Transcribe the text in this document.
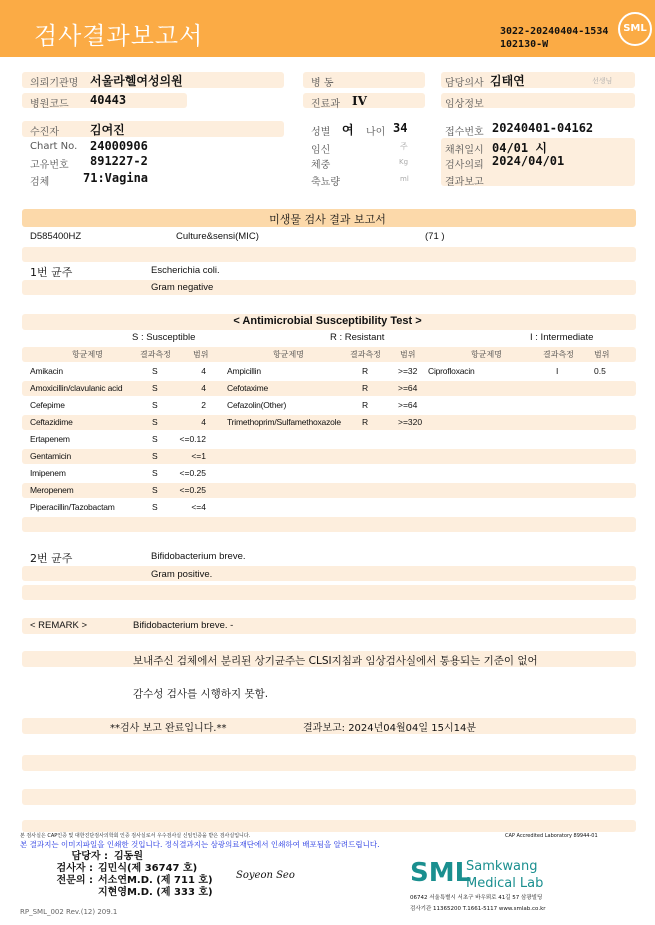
검사결과보고서	SML
3022-20240404-1534
102130-W
의뢰기관명 서울라헬여성의원
병원코드 40443
병 동
진료과 IV
담당의사 김태연	선생님
임상정보
수진자	김여진
Chart No. 24000906
고유번호 891227-2
검체	71:Vagina
성별 여 나이 34
임신	주
체중	Kg
축뇨량	ml
접수번호 20240401-04162
채취일시 04/01 시
검사의뢰 2024/04/01
결과보고
미생물 검사 결과 보고서
D585400HZ	Culture&sensi(MIC)	(71 )
1번 균주	Escherichia coli.
Gram negative
< Antimicrobial Susceptibility Test >
S : Susceptible	R : Resistant	I : Intermediate
항균제명	결과측정	범위	항균제명	결과측정 범위	항균제명	결과측정	범위
Amikacin	S	4 Ampicillin	R	>=32 Ciprofloxacin	I	0.5
Amoxicillin/clavulanic acid	S	4 Cefotaxime	R	>=64
Cefepime	S	2 Cefazolin(Other)	R	>=64
Ceftazidime	S	4 Trimethoprim/Sulfamethoxazole R	>=320
Ertapenem	S	<=0.12
Gentamicin	S	<=1
Imipenem	S	<=0.25
Meropenem	S	<=0.25
Piperacillin/Tazobactam	S	<=4
2번 균주	Bifidobacterium breve.
Gram positive.
< REMARK >	Bifidobacterium breve. -
보내주신 검체에서 분리된 상기균주는 CLSI지침과 임상검사실에서 통용되는 기준이 없어
감수성 검사를 시행하지 못함.
**검사 보고 완료입니다.**	결과보고: 2024년04월04일 15시14분
본 검사실은 CAP인증 및 대한진단검사의학회 인증 검사실로서 우수검사실 신임인증을 받은 검사실입니다.	CAP Accredited Laboratory 89944-01
본 결과지는 이미지파일을 인쇄한 것입니다. 정식결과지는 삼광의료재단에서 인쇄하여 배포됨을 알려드립니다.
담당자 : 김동원
검사자 : 김민식(제 36747 호)
전문의 : 서소연M.D. (제 711 호)
지현영M.D. (제 333 호)
Soyeon Seo	SML
Samkwang
Medical Lab
06742 서울특별시 서초구 바우뫼로 41길 57 삼광빌딩
검사기관 11365200 T.1661-5117 www.smlab.co.kr
RP_SML_002 Rev.(12) 209.1
